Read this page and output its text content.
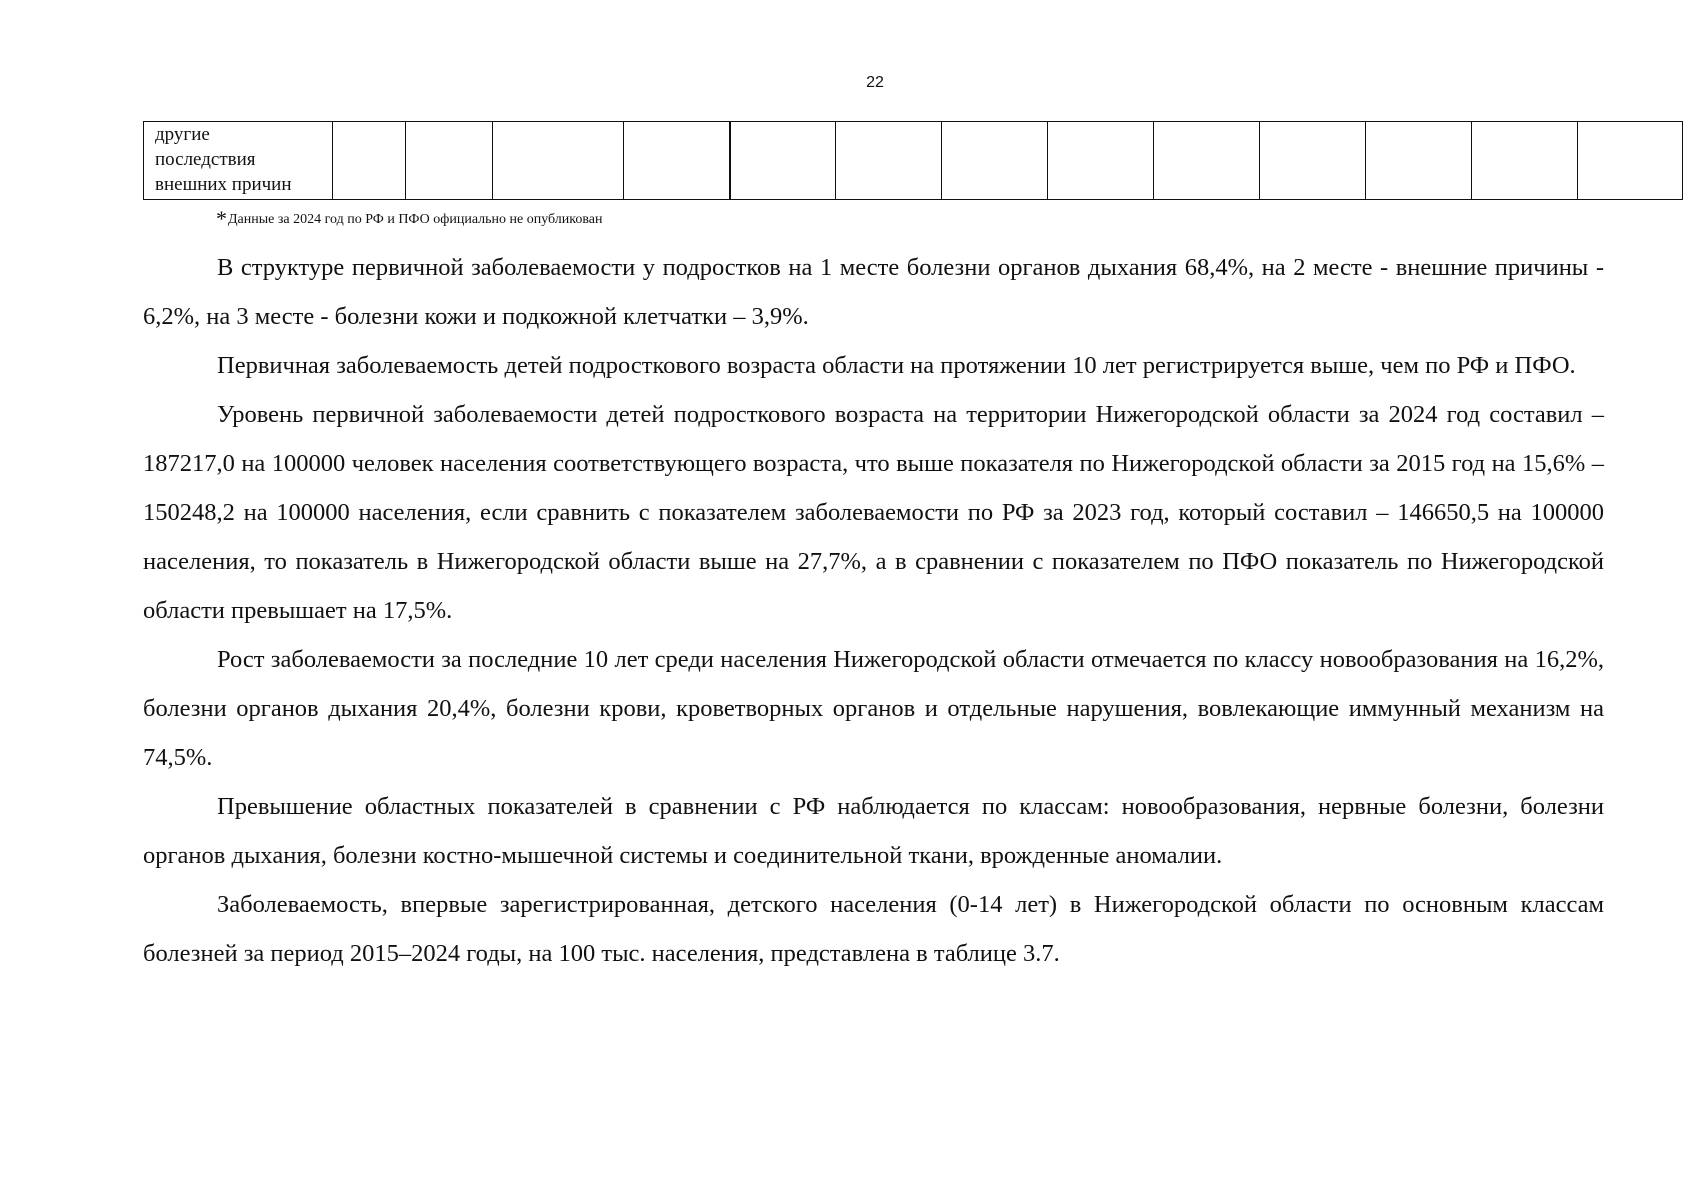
22
другие
последствия
внешних причин

*Данные за 2024 год по РФ и ПФО официально не опубликован

В структуре первичной заболеваемости у подростков на 1 месте болезни органов дыхания 68,4%, на 2 месте - внешние причины - 6,2%, на 3 месте - болезни кожи и подкожной клетчатки – 3,9%.

Первичная заболеваемость детей подросткового возраста области на протяжении 10 лет регистрируется выше, чем по РФ и ПФО.

Уровень первичной заболеваемости детей подросткового возраста на территории Нижегородской области за 2024 год составил – 187217,0 на 100000 человек населения соответствующего возраста, что выше показателя по Нижегородской области за 2015 год на 15,6% – 150248,2 на 100000 населения, если сравнить с показателем заболеваемости по РФ за 2023 год, который составил – 146650,5 на 100000 населения, то показатель в Нижегородской области выше на 27,7%, а в сравнении с показателем по ПФО показатель по Нижегородской области превышает на 17,5%.

Рост заболеваемости за последние 10 лет среди населения Нижегородской области отмечается по классу новообразования на 16,2%, болезни органов дыхания 20,4%, болезни крови, кроветворных органов и отдельные нарушения, вовлекающие иммунный механизм на 74,5%.

Превышение областных показателей в сравнении с РФ наблюдается по классам: новообразования, нервные болезни, болезни органов дыхания, болезни костно-мышечной системы и соединительной ткани, врожденные аномалии.

Заболеваемость, впервые зарегистрированная, детского населения (0-14 лет) в Нижегородской области по основным классам болезней за период 2015–2024 годы, на 100 тыс. населения, представлена в таблице 3.7.
